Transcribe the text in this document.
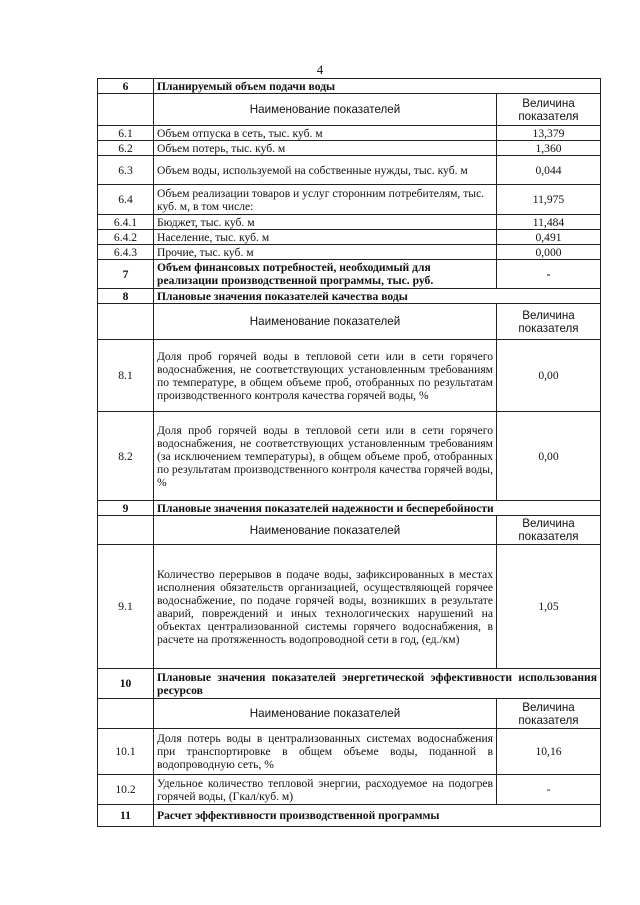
4
6	Планируемый объем подачи воды	
	Наименование показателей	Величина показателя
6.1	Объем отпуска в сеть, тыс. куб. м	13,379
6.2	Объем потерь, тыс. куб. м	1,360
6.3	Объем воды, используемой на собственные нужды, тыс. куб. м	0,044
6.4	Объем реализации товаров и услуг сторонним потребителям, тыс. куб. м, в том числе:	11,975
6.4.1	Бюджет, тыс. куб. м	11,484
6.4.2	Население, тыс. куб. м	0,491
6.4.3	Прочие, тыс. куб. м	0,000
7	Объем финансовых потребностей, необходимый для реализации производственной программы, тыс. руб.	-
8	Плановые значения показателей качества воды	
	Наименование показателей	Величина показателя
8.1	Доля проб горячей воды в тепловой сети или в сети горячего водоснабжения, не соответствующих установленным требованиям по температуре, в общем объеме проб, отобранных по результатам производственного контроля качества горячей воды, %	0,00
8.2	Доля проб горячей воды в тепловой сети или в сети горячего водоснабжения, не соответствующих установленным требованиям (за исключением температуры), в общем объеме проб, отобранных по результатам производственного контроля качества горячей воды, %	0,00
9	Плановые значения показателей надежности и бесперебойности	
	Наименование показателей	Величина показателя
9.1	Количество перерывов в подаче воды, зафиксированных в местах исполнения обязательств организацией, осуществляющей горячее водоснабжение, по подаче горячей воды, возникших в результате аварий, повреждений и иных технологических нарушений на объектах централизованной системы горячего водоснабжения, в расчете на протяженность водопроводной сети в год, (ед./км)	1,05
10	Плановые значения показателей энергетической эффективности использования ресурсов	
	Наименование показателей	Величина показателя
10.1	Доля потерь воды в централизованных системах водоснабжения при транспортировке в общем объеме воды, поданной в водопроводную сеть, %	10,16
10.2	Удельное количество тепловой энергии, расходуемое на подогрев горячей воды, (Гкал/куб. м)	-
11	Расчет эффективности производственной программы	
